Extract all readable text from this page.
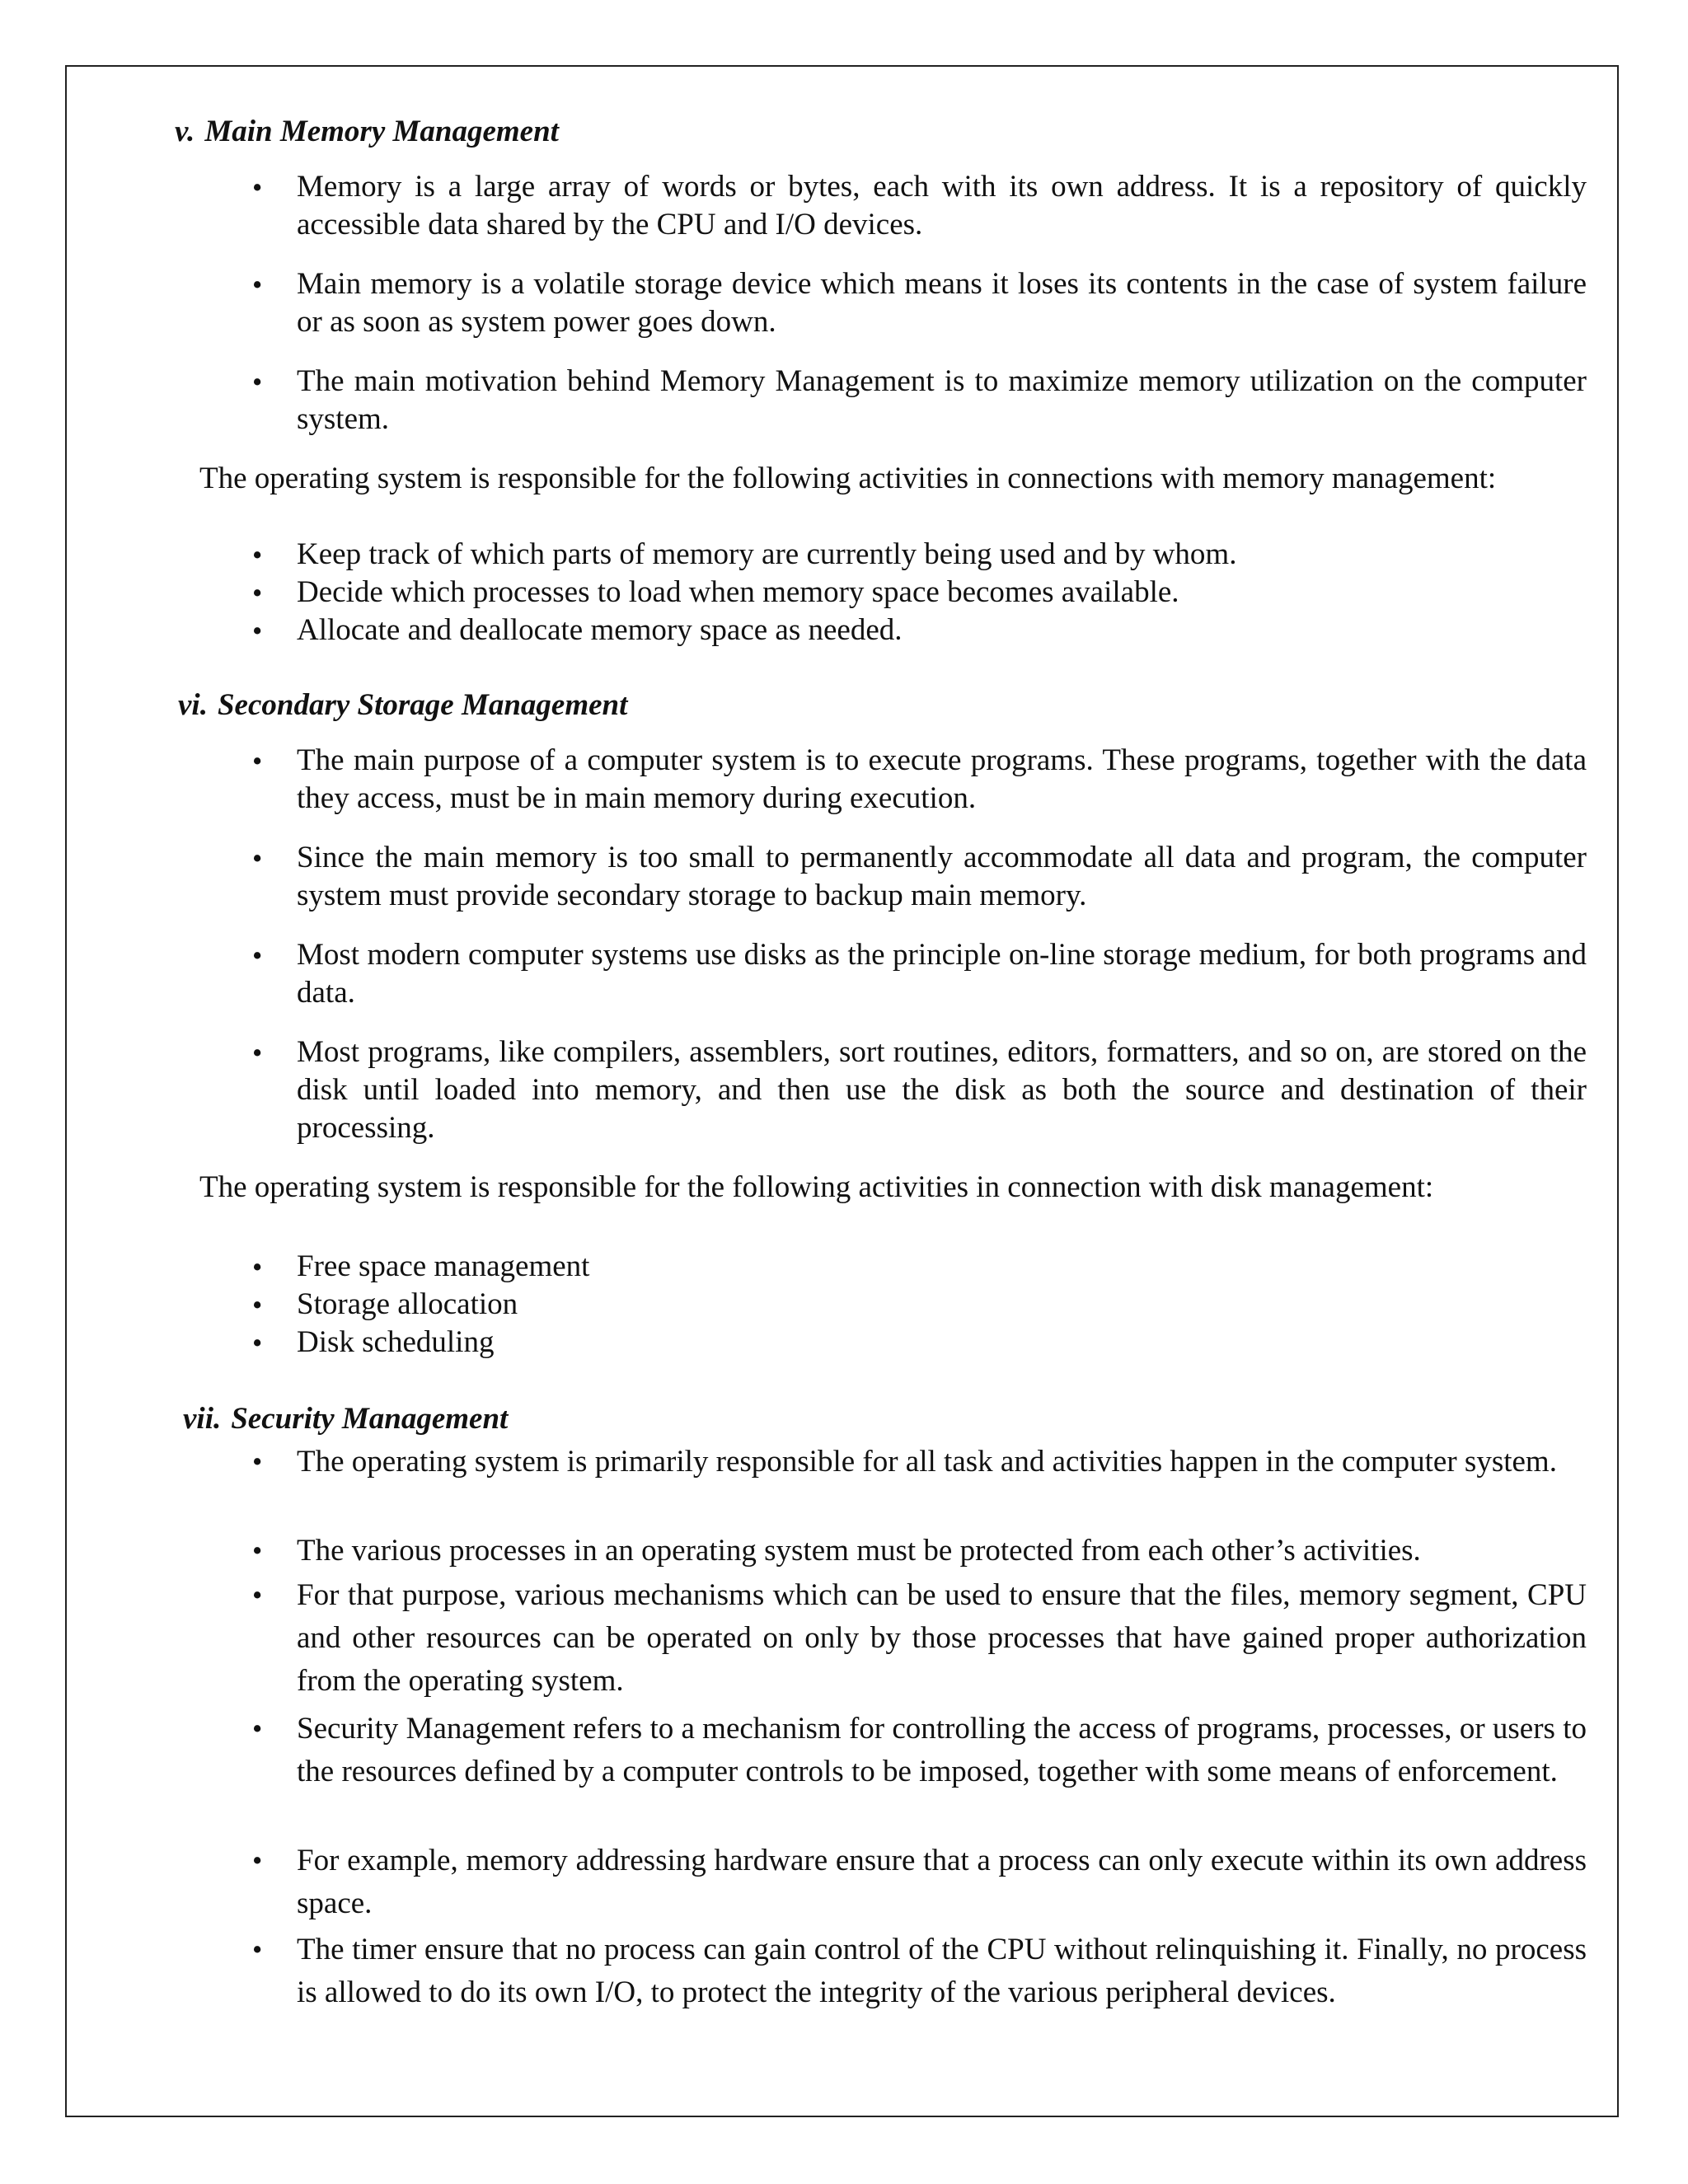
v. Main Memory Management
• Memory is a large array of words or bytes, each with its own address. It is a repository of quickly accessible data shared by the CPU and I/O devices.
• Main memory is a volatile storage device which means it loses its contents in the case of system failure or as soon as system power goes down.
• The main motivation behind Memory Management is to maximize memory utilization on the computer system.
The operating system is responsible for the following activities in connections with memory management:
• Keep track of which parts of memory are currently being used and by whom.
• Decide which processes to load when memory space becomes available.
• Allocate and deallocate memory space as needed.
vi. Secondary Storage Management
• The main purpose of a computer system is to execute programs. These programs, together with the data they access, must be in main memory during execution.
• Since the main memory is too small to permanently accommodate all data and program, the computer system must provide secondary storage to backup main memory.
• Most modern computer systems use disks as the principle on-line storage medium, for both programs and data.
• Most programs, like compilers, assemblers, sort routines, editors, formatters, and so on, are stored on the disk until loaded into memory, and then use the disk as both the source and destination of their processing.
The operating system is responsible for the following activities in connection with disk management:
• Free space management
• Storage allocation
• Disk scheduling
vii. Security Management
• The operating system is primarily responsible for all task and activities happen in the computer system.
• The various processes in an operating system must be protected from each other’s activities.
• For that purpose, various mechanisms which can be used to ensure that the files, memory segment, CPU and other resources can be operated on only by those processes that have gained proper authorization from the operating system.
• Security Management refers to a mechanism for controlling the access of programs, processes, or users to the resources defined by a computer controls to be imposed, together with some means of enforcement.
• For example, memory addressing hardware ensure that a process can only execute within its own address space.
• The timer ensure that no process can gain control of the CPU without relinquishing it. Finally, no process is allowed to do its own I/O, to protect the integrity of the various peripheral devices.
